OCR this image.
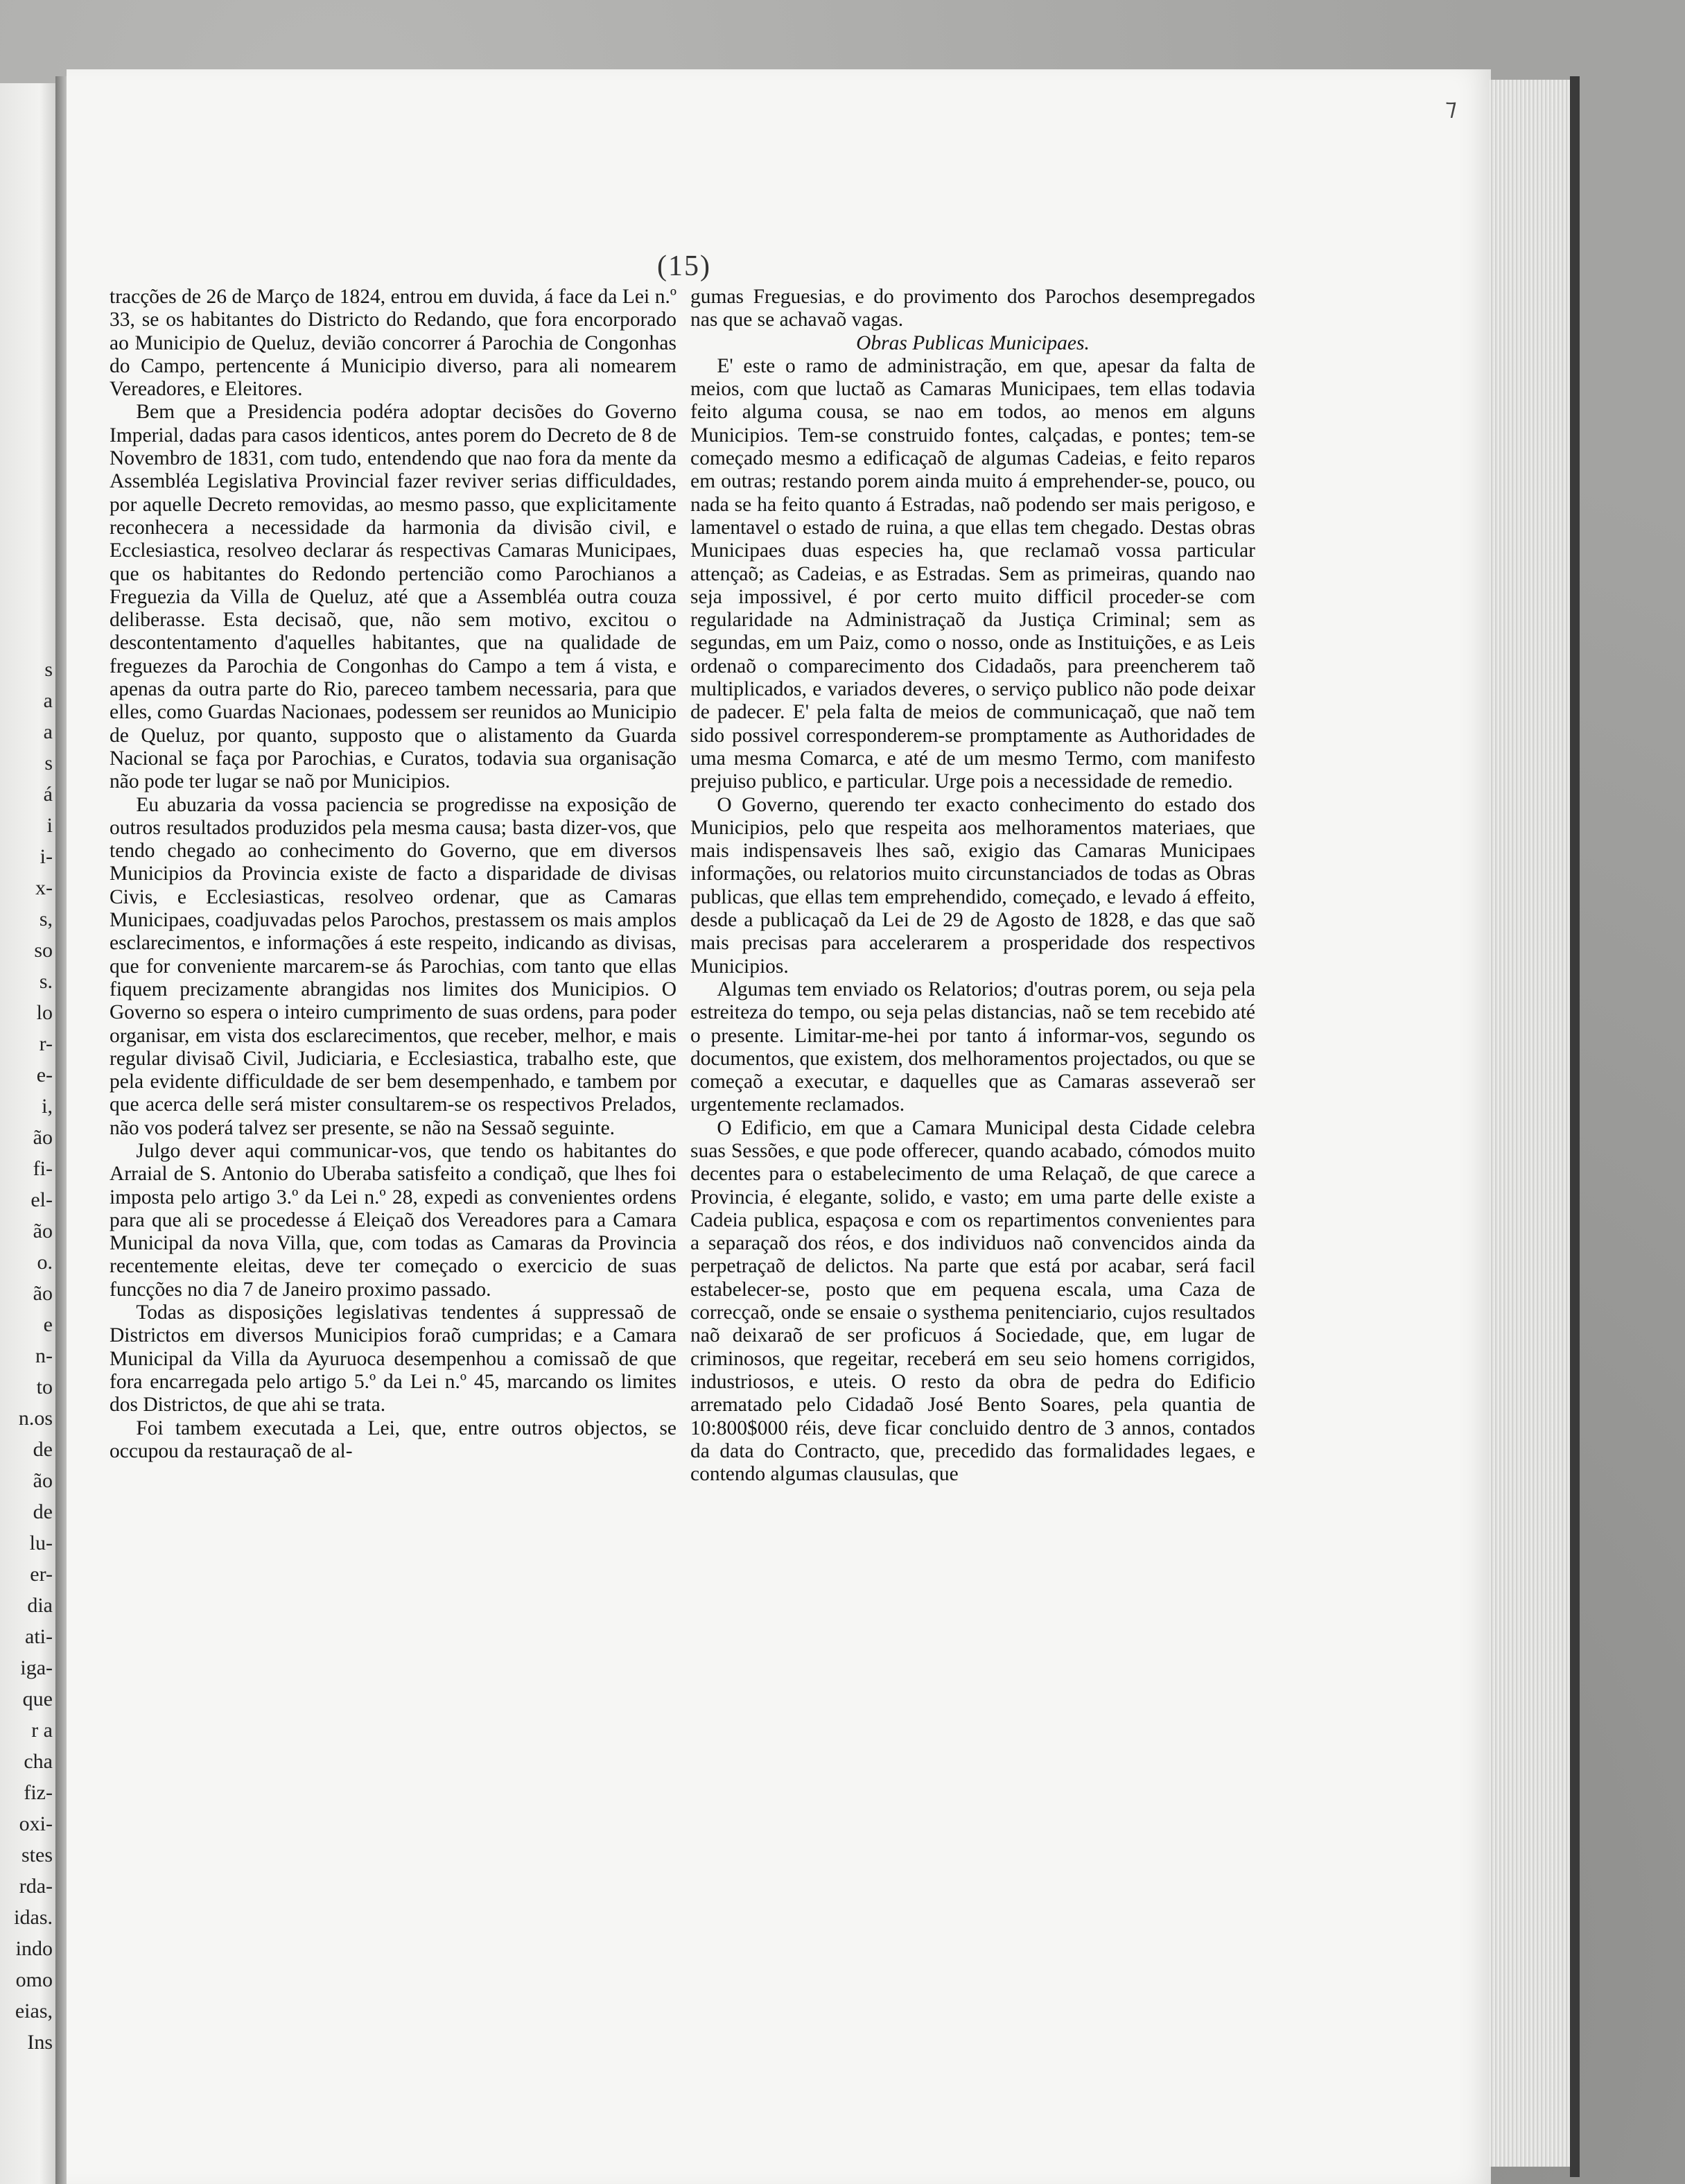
s
a
a
s
á
i
i-
x-
s,
so
s.
lo
r-
e-
i,
ão
fi-
el-
ão
o.
ão
e
n-
to
n.os
de
ão
de
lu-
er-
dia
ati-
iga-
que
r a
cha
fiz-
oxi-
stes
rda-
idas.
indo
omo
eias,
Ins
⁊
(15)

tracções de 26 de Março de 1824, entrou em duvida, á face da Lei n.º 33, se os habitantes do Districto do Redando, que fora encorporado ao Municipio de Queluz, devião concorrer á Parochia de Congonhas do Campo, pertencente á Municipio diverso, para ali nomearem Vereadores, e Eleitores.

Bem que a Presidencia podéra adoptar decisões do Governo Imperial, dadas para casos identicos, antes porem do Decreto de 8 de Novembro de 1831, com tudo, entendendo que nao fora da mente da Assembléa Legislativa Provincial fazer reviver serias difficuldades, por aquelle Decreto removidas, ao mesmo passo, que explicitamente reconhecera a necessidade da harmonia da divisão civil, e Ecclesiastica, resolveo declarar ás respectivas Camaras Municipaes, que os habitantes do Redondo pertencião como Parochianos a Freguezia da Villa de Queluz, até que a Assembléa outra couza deliberasse. Esta decisaõ, que, não sem motivo, excitou o descontentamento d'aquelles habitantes, que na qualidade de freguezes da Parochia de Congonhas do Campo a tem á vista, e apenas da outra parte do Rio, pareceo tambem necessaria, para que elles, como Guardas Nacionaes, podessem ser reunidos ao Municipio de Queluz, por quanto, supposto que o alistamento da Guarda Nacional se faça por Parochias, e Curatos, todavia sua organisação não pode ter lugar se naõ por Municipios.

Eu abuzaria da vossa paciencia se progredisse na exposição de outros resultados produzidos pela mesma causa; basta dizer-vos, que tendo chegado ao conhecimento do Governo, que em diversos Municipios da Provincia existe de facto a disparidade de divisas Civis, e Ecclesiasticas, resolveo ordenar, que as Camaras Municipaes, coadjuvadas pelos Parochos, prestassem os mais amplos esclarecimentos, e informações á este respeito, indicando as divisas, que for conveniente marcarem-se ás Parochias, com tanto que ellas fiquem precizamente abrangidas nos limites dos Municipios. O Governo so espera o inteiro cumprimento de suas ordens, para poder organisar, em vista dos esclarecimentos, que receber, melhor, e mais regular divisaõ Civil, Judiciaria, e Ecclesiastica, trabalho este, que pela evidente difficuldade de ser bem desempenhado, e tambem por que acerca delle será mister consultarem-se os respectivos Prelados, não vos poderá talvez ser presente, se não na Sessaõ seguinte.

Julgo dever aqui communicar-vos, que tendo os habitantes do Arraial de S. Antonio do Uberaba satisfeito a condiçaõ, que lhes foi imposta pelo artigo 3.º da Lei n.º 28, expedi as convenientes ordens para que ali se procedesse á Eleiçaõ dos Vereadores para a Camara Municipal da nova Villa, que, com todas as Camaras da Provincia recentemente eleitas, deve ter começado o exercicio de suas funcções no dia 7 de Janeiro proximo passado.

Todas as disposições legislativas tendentes á suppressaõ de Districtos em diversos Municipios foraõ cumpridas; e a Camara Municipal da Villa da Ayuruoca desempenhou a comissaõ de que fora encarregada pelo artigo 5.º da Lei n.º 45, marcando os limites dos Districtos, de que ahi se trata.

Foi tambem executada a Lei, que, entre outros objectos, se occupou da restauraçaõ de al-

gumas Freguesias, e do provimento dos Parochos desempregados nas que se achavaõ vagas.

Obras Publicas Municipaes.

E' este o ramo de administração, em que, apesar da falta de meios, com que luctaõ as Camaras Municipaes, tem ellas todavia feito alguma cousa, se nao em todos, ao menos em alguns Municipios. Tem-se construido fontes, calçadas, e pontes; tem-se começado mesmo a edificaçaõ de algumas Cadeias, e feito reparos em outras; restando porem ainda muito á emprehender-se, pouco, ou nada se ha feito quanto á Estradas, naõ podendo ser mais perigoso, e lamentavel o estado de ruina, a que ellas tem chegado. Destas obras Municipaes duas especies ha, que reclamaõ vossa particular attençaõ; as Cadeias, e as Estradas. Sem as primeiras, quando nao seja impossivel, é por certo muito difficil proceder-se com regularidade na Administraçaõ da Justiça Criminal; sem as segundas, em um Paiz, como o nosso, onde as Instituições, e as Leis ordenaõ o comparecimento dos Cidadaõs, para preencherem taõ multiplicados, e variados deveres, o serviço publico não pode deixar de padecer. E' pela falta de meios de communicaçaõ, que naõ tem sido possivel corresponderem-se promptamente as Authoridades de uma mesma Comarca, e até de um mesmo Termo, com manifesto prejuiso publico, e particular. Urge pois a necessidade de remedio.

O Governo, querendo ter exacto conhecimento do estado dos Municipios, pelo que respeita aos melhoramentos materiaes, que mais indispensaveis lhes saõ, exigio das Camaras Municipaes informações, ou relatorios muito circunstanciados de todas as Obras publicas, que ellas tem emprehendido, começado, e levado á effeito, desde a publicaçaõ da Lei de 29 de Agosto de 1828, e das que saõ mais precisas para accelerarem a prosperidade dos respectivos Municipios.

Algumas tem enviado os Relatorios; d'outras porem, ou seja pela estreiteza do tempo, ou seja pelas distancias, naõ se tem recebido até o presente. Limitar-me-hei por tanto á informar-vos, segundo os documentos, que existem, dos melhoramentos projectados, ou que se começaõ a executar, e daquelles que as Camaras asseveraõ ser urgentemente reclamados.

O Edificio, em que a Camara Municipal desta Cidade celebra suas Sessões, e que pode offerecer, quando acabado, cómodos muito decentes para o estabelecimento de uma Relaçaõ, de que carece a Provincia, é elegante, solido, e vasto; em uma parte delle existe a Cadeia publica, espaçosa e com os repartimentos convenientes para a separaçaõ dos réos, e dos individuos naõ convencidos ainda da perpetraçaõ de delictos. Na parte que está por acabar, será facil estabelecer-se, posto que em pequena escala, uma Caza de correcçaõ, onde se ensaie o systhema penitenciario, cujos resultados naõ deixaraõ de ser proficuos á Sociedade, que, em lugar de criminosos, que regeitar, receberá em seu seio homens corrigidos, industriosos, e uteis. O resto da obra de pedra do Edificio arrematado pelo Cidadaõ José Bento Soares, pela quantia de 10:800$000 réis, deve ficar concluido dentro de 3 annos, contados da data do Contracto, que, precedido das formalidades legaes, e contendo algumas clausulas, que
